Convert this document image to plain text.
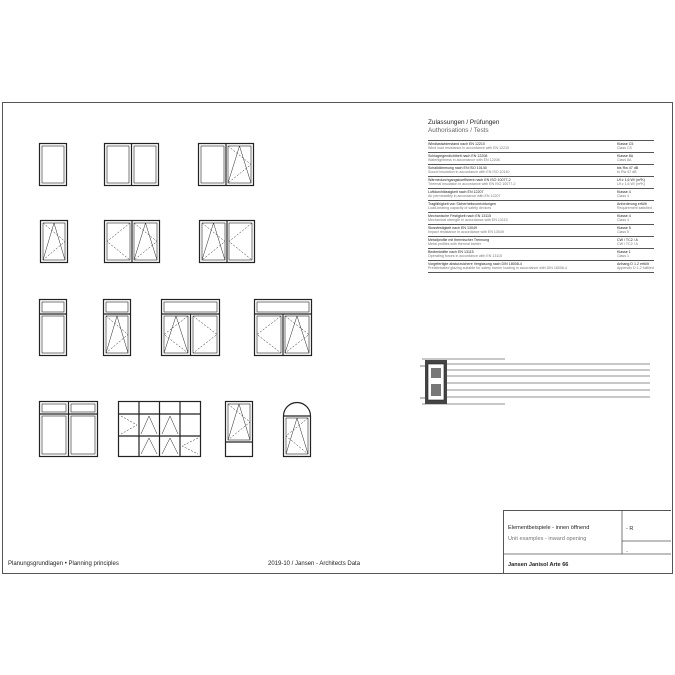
Zulassungen / Prüfungen
Authorisations / Tests
Windlastwiderstand nach EN 12210
Wind load resistance in accordance with EN 12210	Klasse C5
Class C5

Schlagregendichtheit nach EN 12208
Watertightness in accordance with EN 12208	Klasse 8A
Class 8A

Schalldämmung nach EN ISO 10140
Sound insulation in accordance with EN ISO 10140	bis Rw 47 dB
to Rw 47 dB

Wärmedurchgangskoeffizient nach EN ISO 10077-2
Thermal insulation in accordance with EN ISO 10077-2	Uf ≥ 1,6 W/ (m²K)
Uf ≥ 1,6 W/ (m²K)

Luftdurchlässigkeit nach EN 12207
Air permeability in accordance with EN 12207	Klasse 4
Class 4

Tragfähigkeit von Sicherheitsvorrichtungen
Load-bearing capacity of safety devices	Anforderung erfüllt
Requirement satisfied

Mechanische Festigkeit nach EN 13115
Mechanical strength in accordance with EN 13115	Klasse 4
Class 4

Stossfestigkeit nach EN 13049
Impact resistance in accordance with EN 13049	Klasse 5
Class 5

Metallprofile mit thermischer Trennung
Metal profiles with thermal barrier	CW / TC2 / A
CW / TC2 / A

Bedienkräfte nach EN 13115
Operating forces in accordance with EN 13115	Klasse 1
Class 1

Vorgefertigte absturzsichere Verglasung nach DIN 18008-4
Prefabricated glazing suitable for safety barrier loading in accordance with DIN 18008-4	Anhang D 1.2 erfüllt
Appendix D 1.2 fulfilled
Elementbeispiele - innen öffnend
Unit examples - inward opening
Jansen Janisol Arte 66
- R
-
Planungsgrundlagen • Planning principles	2019-10 / Jansen - Architects Data
